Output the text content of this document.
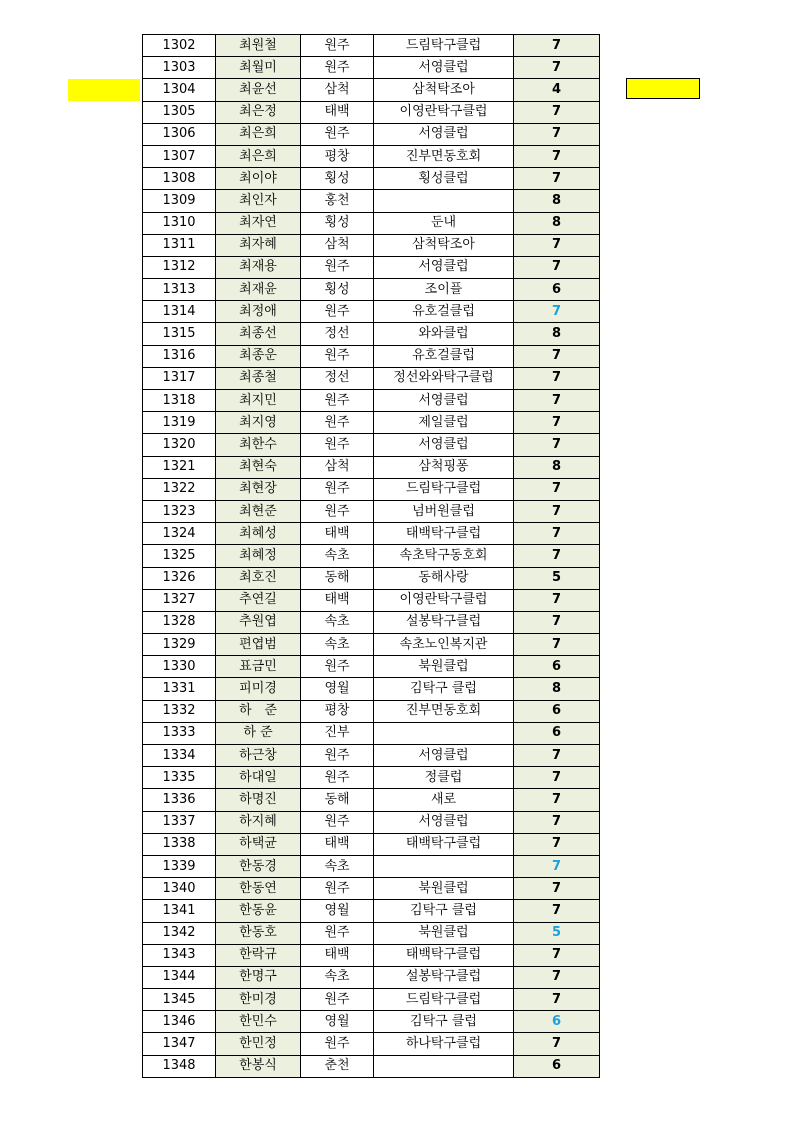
1302	최원철	원주	드림탁구클럽	7
1303	최월미	원주	서영클럽	7
1304	최윤선	삼척	삼척탁조아	4
1305	최은정	태백	이영란탁구클럽	7
1306	최은희	원주	서영클럽	7
1307	최은희	평창	진부면동호회	7
1308	최이야	횡성	횡성클럽	7
1309	최인자	홍천		8
1310	최자연	횡성	둔내	8
1311	최자혜	삼척	삼척탁조아	7
1312	최재용	원주	서영클럽	7
1313	최재윤	횡성	조이플	6
1314	최정애	원주	유호걸클럽	7
1315	최종선	정선	와와클럽	8
1316	최종운	원주	유호걸클럽	7
1317	최종철	정선	정선와와탁구클럽	7
1318	최지민	원주	서영클럽	7
1319	최지영	원주	제일클럽	7
1320	최한수	원주	서영클럽	7
1321	최현숙	삼척	삼척핑퐁	8
1322	최현장	원주	드림탁구클럽	7
1323	최현준	원주	넘버원클럽	7
1324	최혜성	태백	태백탁구클럽	7
1325	최혜정	속초	속초탁구동호회	7
1326	최호진	동해	동해사랑	5
1327	추연길	태백	이영란탁구클럽	7
1328	추원엽	속초	설봉탁구클럽	7
1329	편엽범	속초	속초노인복지관	7
1330	표금민	원주	북원클럽	6
1331	피미경	영월	김탁구 클럽	8
1332	하　준	평창	진부면동호회	6
1333	하 준	진부		6
1334	하근창	원주	서영클럽	7
1335	하대일	원주	정클럽	7
1336	하명진	동해	새로	7
1337	하지혜	원주	서영클럽	7
1338	하택균	태백	태백탁구클럽	7
1339	한동경	속초		7
1340	한동연	원주	북원클럽	7
1341	한동윤	영월	김탁구 클럽	7
1342	한동호	원주	북원클럽	5
1343	한락규	태백	태백탁구클럽	7
1344	한명구	속초	설봉탁구클럽	7
1345	한미경	원주	드림탁구클럽	7
1346	한민수	영월	김탁구 클럽	6
1347	한민정	원주	하나탁구클럽	7
1348	한봉식	춘천		6
